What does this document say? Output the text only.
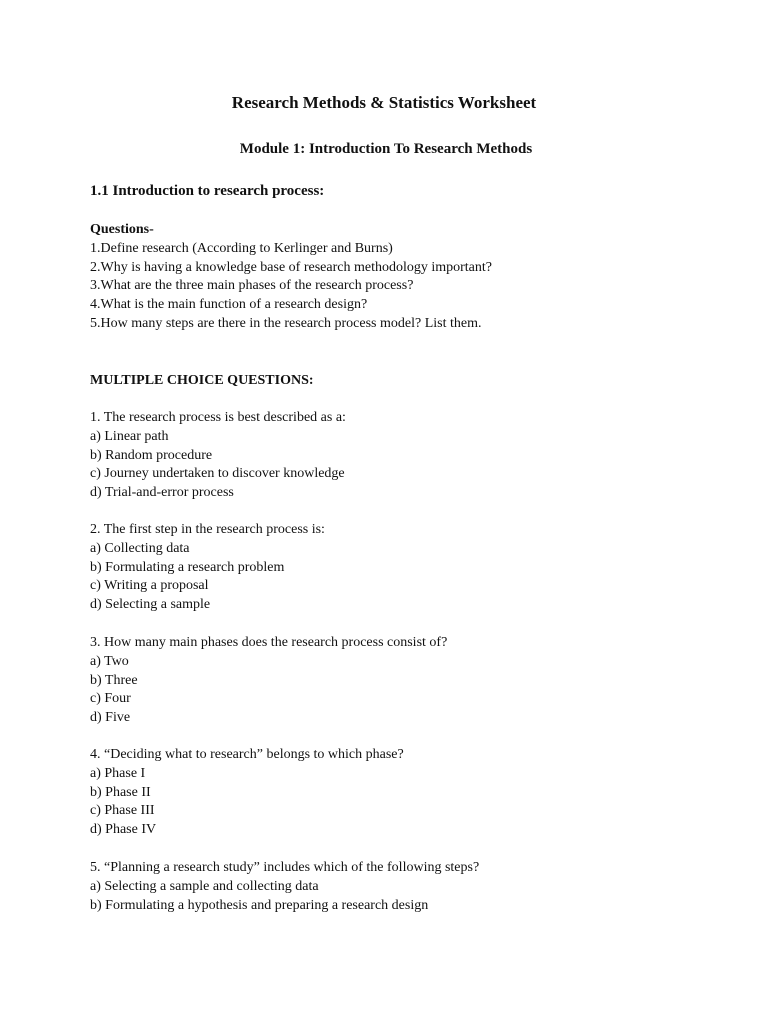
Research Methods & Statistics Worksheet
Module 1: Introduction To Research Methods
1.1 Introduction to research process:
Questions-
1.Define research (According to Kerlinger and Burns)
2.Why is having a knowledge base of research methodology important?
3.What are the three main phases of the research process?
4.What is the main function of a research design?
5.How many steps are there in the research process model? List them.
MULTIPLE CHOICE QUESTIONS:
1. The research process is best described as a:
a) Linear path
b) Random procedure
c) Journey undertaken to discover knowledge
d) Trial-and-error process
2. The first step in the research process is:
a) Collecting data
b) Formulating a research problem
c) Writing a proposal
d) Selecting a sample
3. How many main phases does the research process consist of?
a) Two
b) Three
c) Four
d) Five
4. “Deciding what to research” belongs to which phase?
a) Phase I
b) Phase II
c) Phase III
d) Phase IV
5. “Planning a research study” includes which of the following steps?
a) Selecting a sample and collecting data
b) Formulating a hypothesis and preparing a research design
